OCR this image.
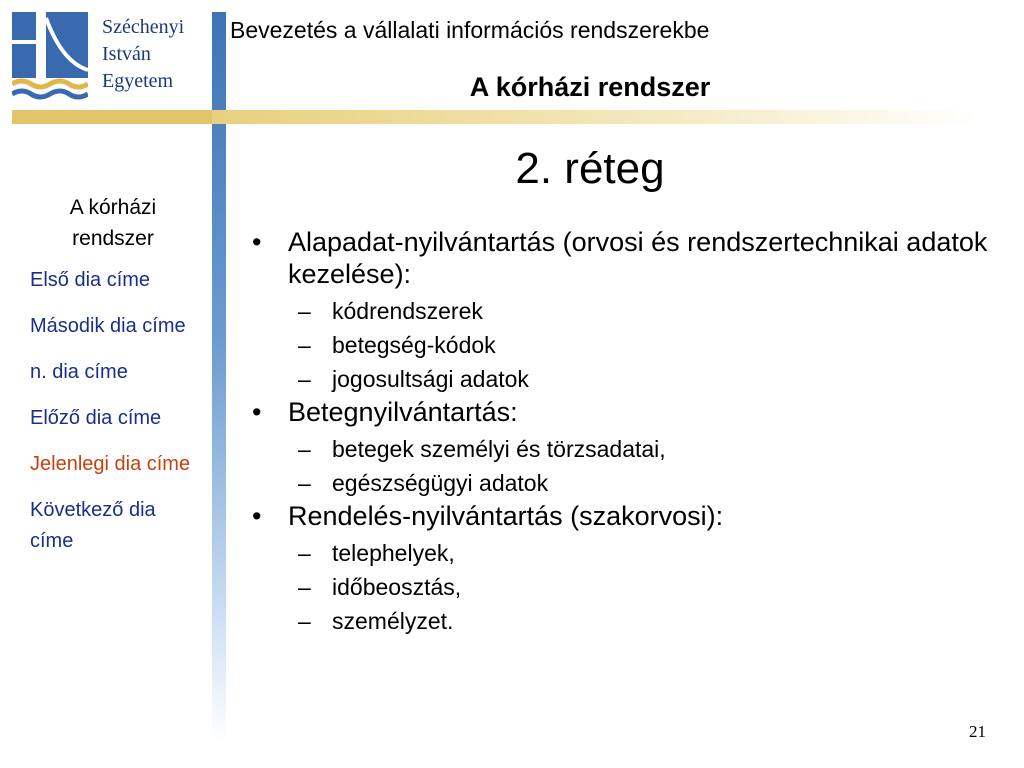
Széchenyi
István
Egyetem
Bevezetés a vállalati információs rendszerekbe
A kórházi rendszer
A kórházi
rendszer
Első dia címe
Második dia címe
n. dia címe
Előző dia címe
Jelenlegi dia címe
Következő dia címe
2. réteg
• Alapadat-nyilvántartás (orvosi és rendszertechnikai adatok kezelése):
– kódrendszerek
– betegség-kódok
– jogosultsági adatok
• Betegnyilvántartás:
– betegek személyi és törzsadatai,
– egészségügyi adatok
• Rendelés-nyilvántartás (szakorvosi):
– telephelyek,
– időbeosztás,
– személyzet.
21
